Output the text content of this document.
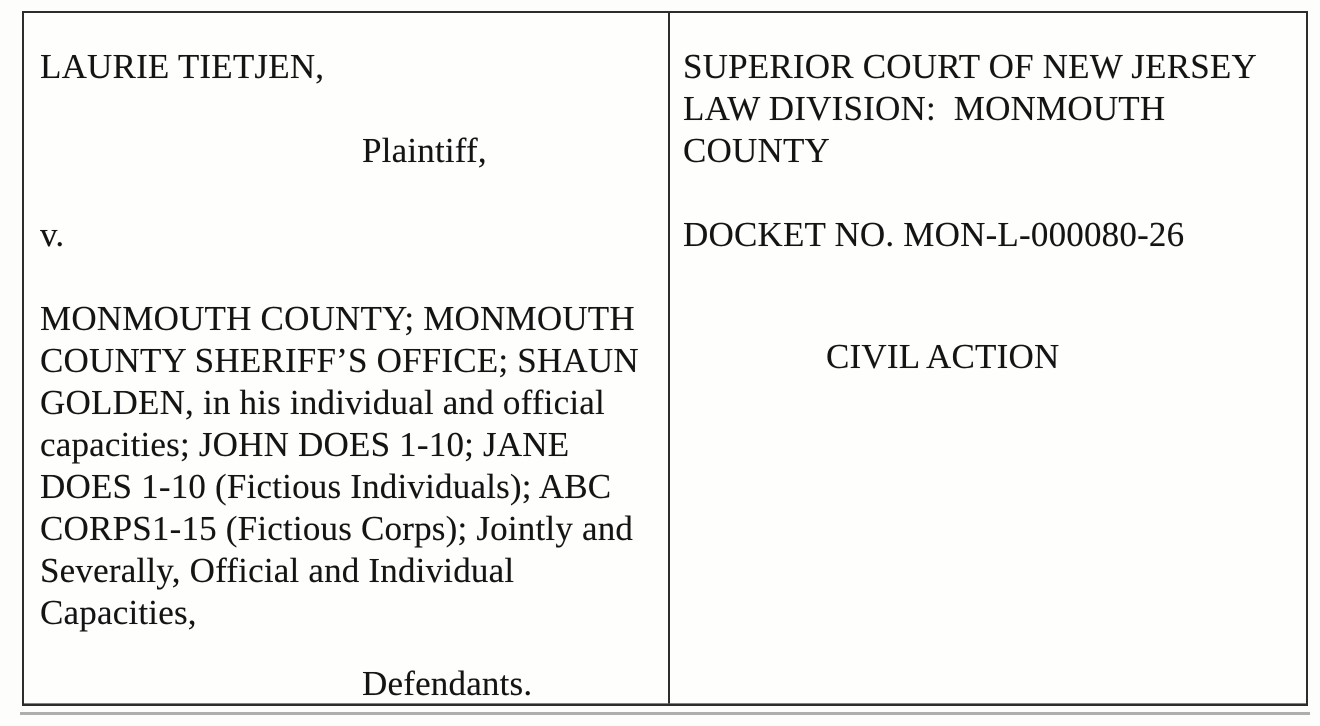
LAURIE TIETJEN,
Plaintiff,
v.
MONMOUTH COUNTY; MONMOUTH
COUNTY SHERIFF’S OFFICE; SHAUN
GOLDEN, in his individual and official
capacities; JOHN DOES 1-10; JANE
DOES 1-10 (Fictious Individuals); ABC
CORPS1-15 (Fictious Corps); Jointly and
Severally, Official and Individual
Capacities,
Defendants.
SUPERIOR COURT OF NEW JERSEY
LAW DIVISION:  MONMOUTH
COUNTY
DOCKET NO. MON-L-000080-26
CIVIL ACTION
